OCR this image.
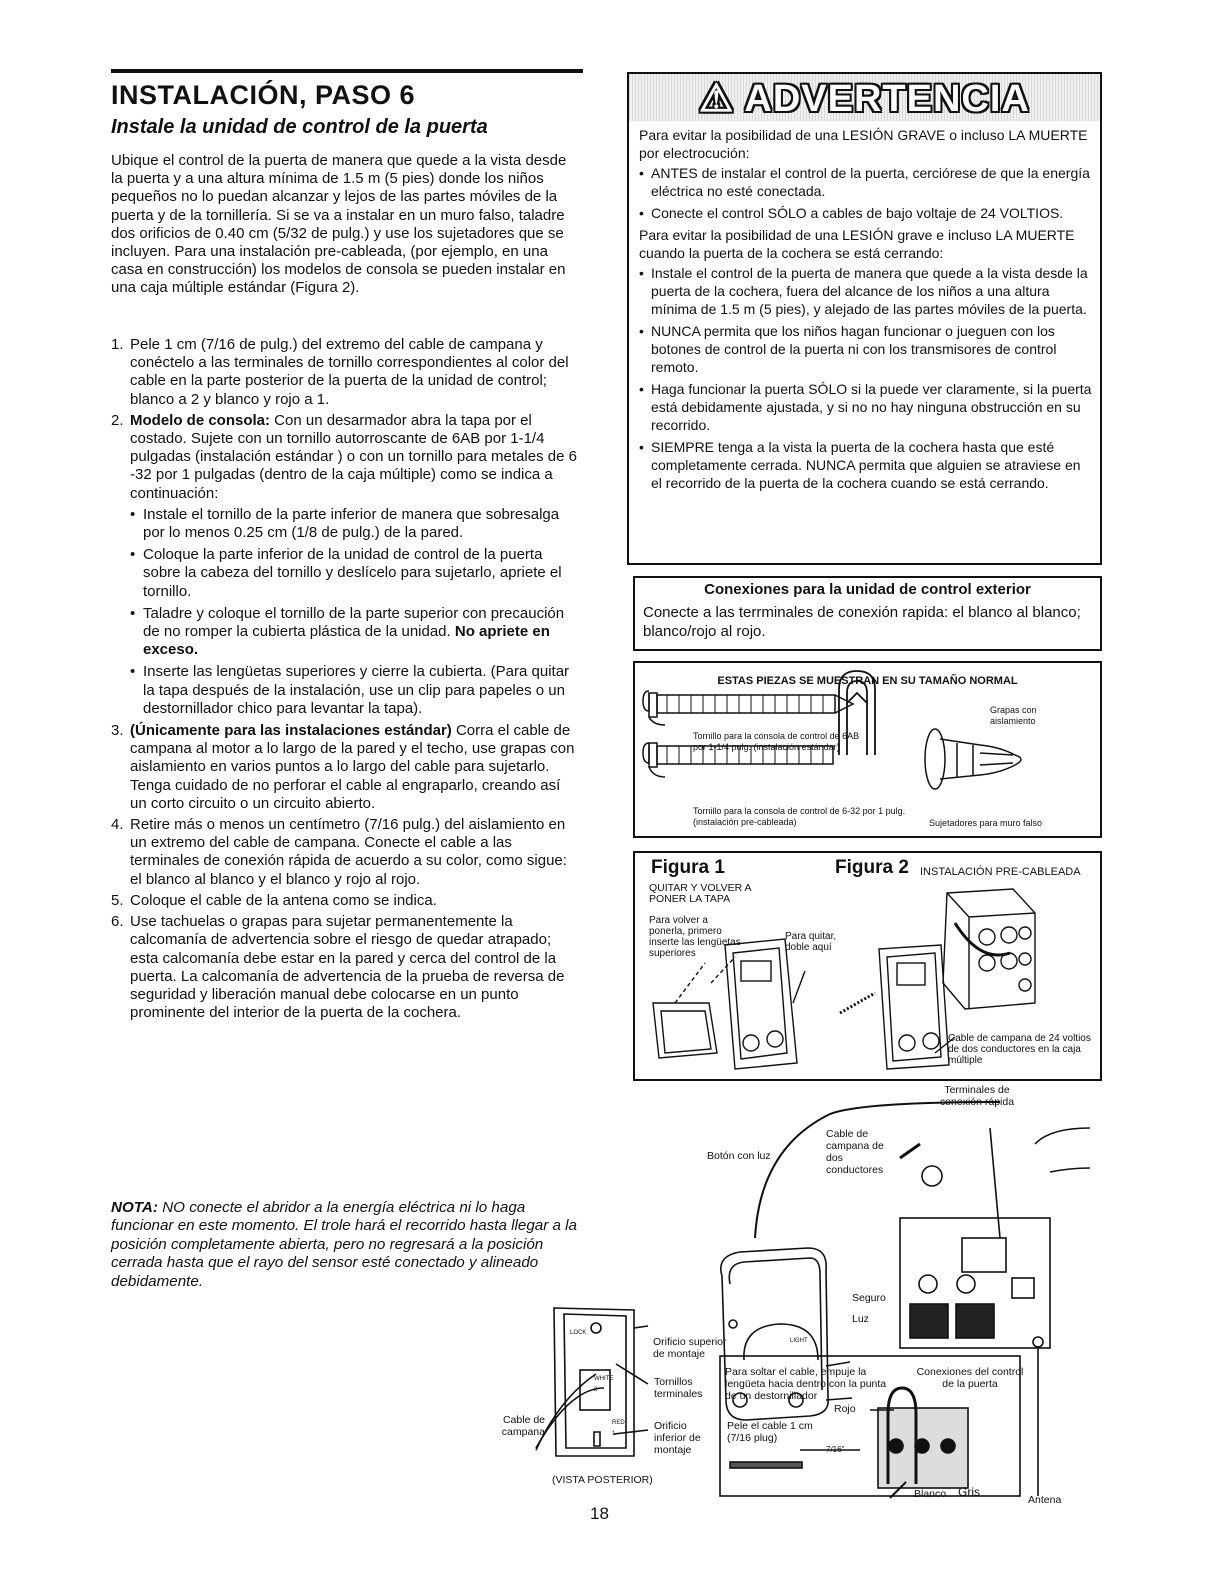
INSTALACIÓN, PASO 6
Instale la unidad de control de la puerta

Ubique el control de la puerta de manera que quede a la vista desde la puerta y a una altura mínima de 1.5 m (5 pies) donde los niños pequeños no lo puedan alcanzar y lejos de las partes móviles de la puerta y de la tornillería. Si se va a instalar en un muro falso, taladre dos orificios de 0.40 cm (5/32 de pulg.) y use los sujetadores que se incluyen. Para una instalación pre-cableada, (por ejemplo, en una casa en construcción) los modelos de consola se pueden instalar en una caja múltiple estándar (Figura 2).

1. Pele 1 cm (7/16 de pulg.) del extremo del cable de campana y conéctelo a las terminales de tornillo correspondientes al color del cable en la parte posterior de la puerta de la unidad de control; blanco a 2 y blanco y rojo a 1.
2. Modelo de consola: Con un desarmador abra la tapa por el costado. Sujete con un tornillo autorroscante de 6AB por 1-1/4 pulgadas (instalación estándar ) o con un tornillo para metales de 6 -32 por 1 pulgadas (dentro de la caja múltiple) como se indica a continuación:
• Instale el tornillo de la parte inferior de manera que sobresalga por lo menos 0.25 cm (1/8 de pulg.) de la pared.
• Coloque la parte inferior de la unidad de control de la puerta sobre la cabeza del tornillo y deslícelo para sujetarlo, apriete el tornillo.
• Taladre y coloque el tornillo de la parte superior con precaución de no romper la cubierta plástica de la unidad. No apriete en exceso.
• Inserte las lengüetas superiores y cierre la cubierta. (Para quitar la tapa después de la instalación, use un clip para papeles o un destornillador chico para levantar la tapa).
3. (Únicamente para las instalaciones estándar) Corra el cable de campana al motor a lo largo de la pared y el techo, use grapas con aislamiento en varios puntos a lo largo del cable para sujetarlo. Tenga cuidado de no perforar el cable al engraparlo, creando así un corto circuito o un circuito abierto.
4. Retire más o menos un centímetro (7/16 pulg.) del aislamiento en un extremo del cable de campana. Conecte el cable a las terminales de conexión rápida de acuerdo a su color, como sigue: el blanco al blanco y el blanco y rojo al rojo.
5. Coloque el cable de la antena como se indica.
6. Use tachuelas o grapas para sujetar permanentemente la calcomanía de advertencia sobre el riesgo de quedar atrapado; esta calcomanía debe estar en la pared y cerca del control de la puerta. La calcomanía de advertencia de la prueba de reversa de seguridad y liberación manual debe colocarse en un punto prominente del interior de la puerta de la cochera.

NOTA: NO conecte el abridor a la energía eléctrica ni lo haga funcionar en este momento. El trole hará el recorrido hasta llegar a la posición completamente abierta, pero no regresará a la posición cerrada hasta que el rayo del sensor esté conectado y alineado debidamente.

⚠ ADVERTENCIA

Para evitar la posibilidad de una LESIÓN GRAVE o incluso LA MUERTE por electrocución:

• ANTES de instalar el control de la puerta, cerciórese de que la energía eléctrica no esté conectada.
• Conecte el control SÓLO a cables de bajo voltaje de 24 VOLTIOS.

Para evitar la posibilidad de una LESIÓN grave e incluso LA MUERTE cuando la puerta de la cochera se está cerrando:

• Instale el control de la puerta de manera que quede a la vista desde la puerta de la cochera, fuera del alcance de los niños a una altura mínima de 1.5 m (5 pies), y alejado de las partes móviles de la puerta.
• NUNCA permita que los niños hagan funcionar o jueguen con los botones de control de la puerta ni con los transmisores de control remoto.
• Haga funcionar la puerta SÓLO si la puede ver claramente, si la puerta está debidamente ajustada, y si no no hay ninguna obstrucción en su recorrido.
• SIEMPRE tenga a la vista la puerta de la cochera hasta que esté completamente cerrada. NUNCA permita que alguien se atraviese en el recorrido de la puerta de la cochera cuando se está cerrando.
Conexiones para la unidad de control exterior
Conecte a las terrminales de conexión rapida: el blanco al blanco; blanco/rojo al rojo.
ESTAS PIEZAS SE MUESTRAN EN SU TAMAÑO NORMAL
Tornillo para la consola de control de 6AB por 1-1/4 pulg. (instalación estándar)
Grapas con aislamiento
Tornillo para la consola de control de 6-32 por 1 pulg. (instalación pre-cableada)	Sujetadores para muro falso
Figura 1
QUITAR Y VOLVER A PONER LA TAPA
Para volver a ponerla, primero inserte las lengüetas superiores
Para quitar, doble aquí
Figura 2 INSTALACIÓN PRE-CABLEADA
Cable de campana de 24 voltios de dos conductores en la caja múltiple
Terminales de conexión rápida
Cable de campana de dos conductores
Botón con luz
Seguro
Luz
Orificio superior de montaje
Tornillos terminales
Orificio inferior de montaje
Cable de campana
(VISTA POSTERIOR)
LOCK
WHITE 2
RED 1
LIGHT
Para soltar el cable, empuje la lengüeta hacia dentro con la punta de un destornillador
Conexiones del control de la puerta
Rojo
Pele el cable 1 cm (7/16 plug)
7/16"
Blanco Gris
Antena
18
